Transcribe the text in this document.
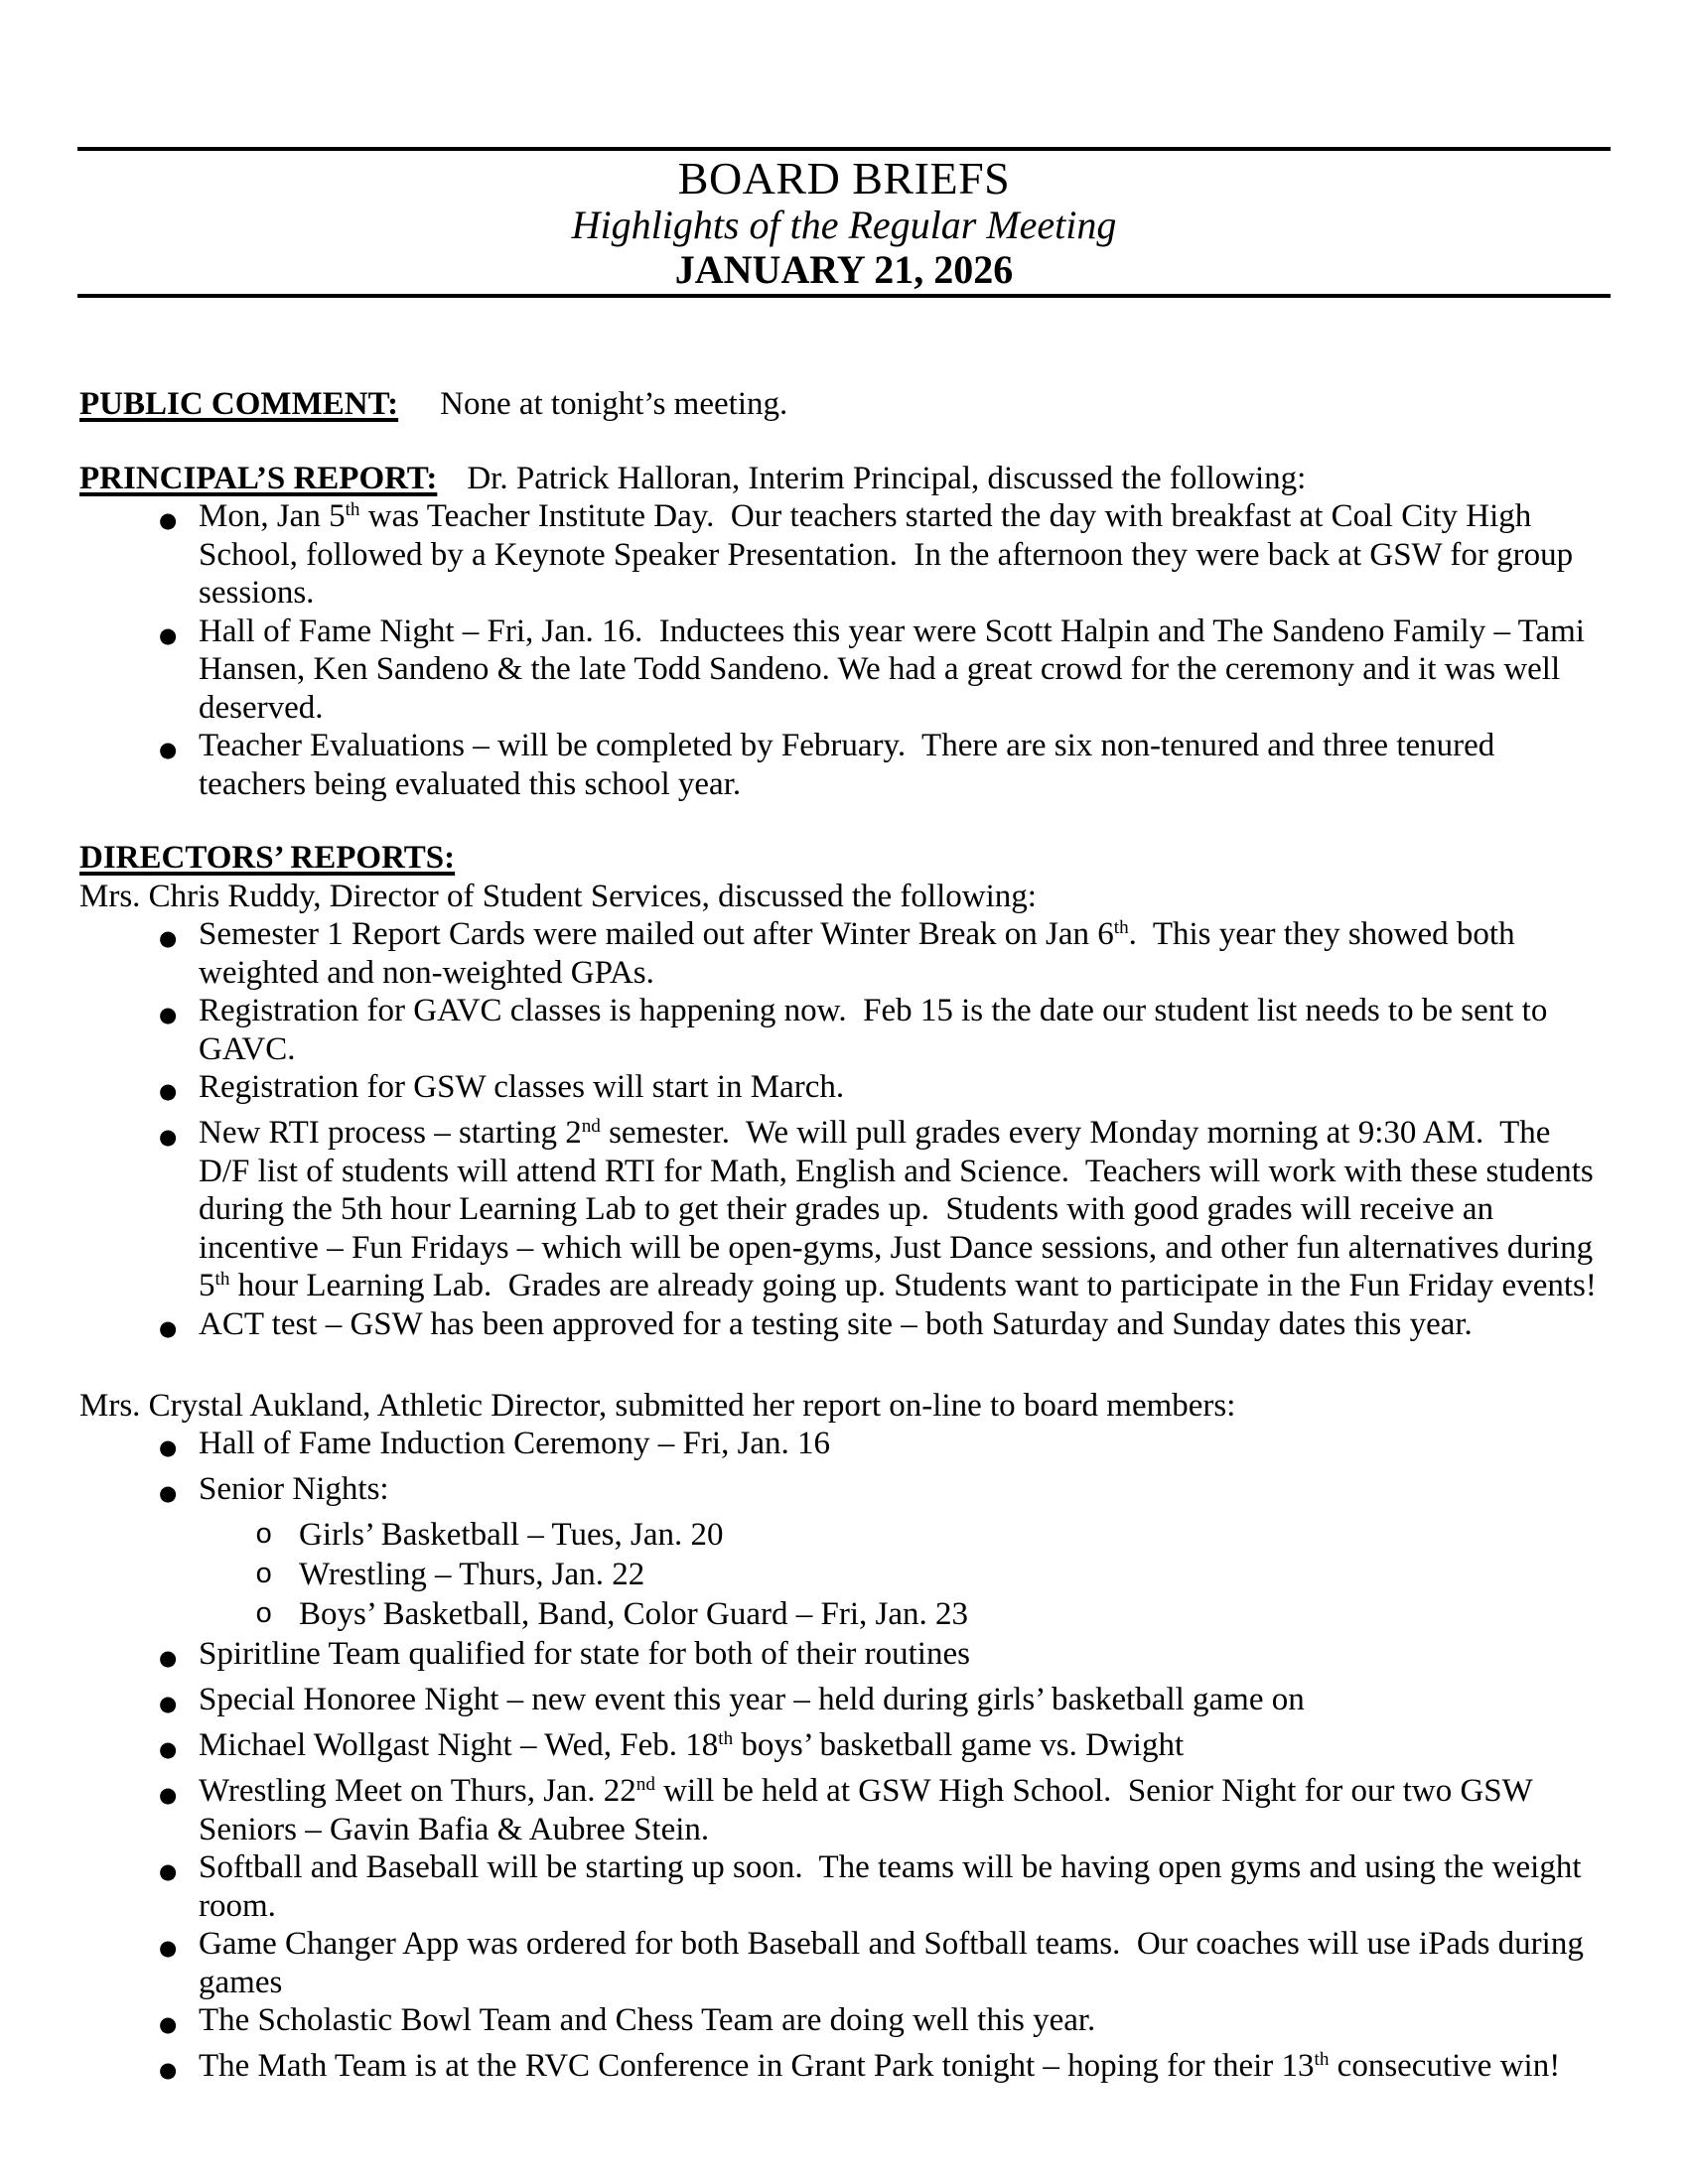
BOARD BRIEFS
Highlights of the Regular Meeting
JANUARY 21, 2026
PUBLIC COMMENT: None at tonight’s meeting.
PRINCIPAL’S REPORT: Dr. Patrick Halloran, Interim Principal, discussed the following:
● Mon, Jan 5th was Teacher Institute Day.  Our teachers started the day with breakfast at Coal City High School, followed by a Keynote Speaker Presentation.  In the afternoon they were back at GSW for group sessions.
● Hall of Fame Night – Fri, Jan. 16.  Inductees this year were Scott Halpin and The Sandeno Family – Tami Hansen, Ken Sandeno & the late Todd Sandeno. We had a great crowd for the ceremony and it was well deserved.
● Teacher Evaluations – will be completed by February.  There are six non-tenured and three tenured teachers being evaluated this school year.
DIRECTORS’ REPORTS:
Mrs. Chris Ruddy, Director of Student Services, discussed the following:
● Semester 1 Report Cards were mailed out after Winter Break on Jan 6th.  This year they showed both weighted and non-weighted GPAs.
● Registration for GAVC classes is happening now.  Feb 15 is the date our student list needs to be sent to GAVC.
● Registration for GSW classes will start in March.
● New RTI process – starting 2nd semester.  We will pull grades every Monday morning at 9:30 AM.  The D/F list of students will attend RTI for Math, English and Science.  Teachers will work with these students during the 5th hour Learning Lab to get their grades up.  Students with good grades will receive an incentive – Fun Fridays – which will be open-gyms, Just Dance sessions, and other fun alternatives during 5th hour Learning Lab.  Grades are already going up. Students want to participate in the Fun Friday events!
● ACT test – GSW has been approved for a testing site – both Saturday and Sunday dates this year.
Mrs. Crystal Aukland, Athletic Director, submitted her report on-line to board members:
● Hall of Fame Induction Ceremony – Fri, Jan. 16
● Senior Nights:
o Girls’ Basketball – Tues, Jan. 20
o Wrestling – Thurs, Jan. 22
o Boys’ Basketball, Band, Color Guard – Fri, Jan. 23
● Spiritline Team qualified for state for both of their routines
● Special Honoree Night – new event this year – held during girls’ basketball game on
● Michael Wollgast Night – Wed, Feb. 18th boys’ basketball game vs. Dwight
● Wrestling Meet on Thurs, Jan. 22nd will be held at GSW High School.  Senior Night for our two GSW Seniors – Gavin Bafia & Aubree Stein.
● Softball and Baseball will be starting up soon.  The teams will be having open gyms and using the weight room.
● Game Changer App was ordered for both Baseball and Softball teams.  Our coaches will use iPads during games
● The Scholastic Bowl Team and Chess Team are doing well this year.
● The Math Team is at the RVC Conference in Grant Park tonight – hoping for their 13th consecutive win!
